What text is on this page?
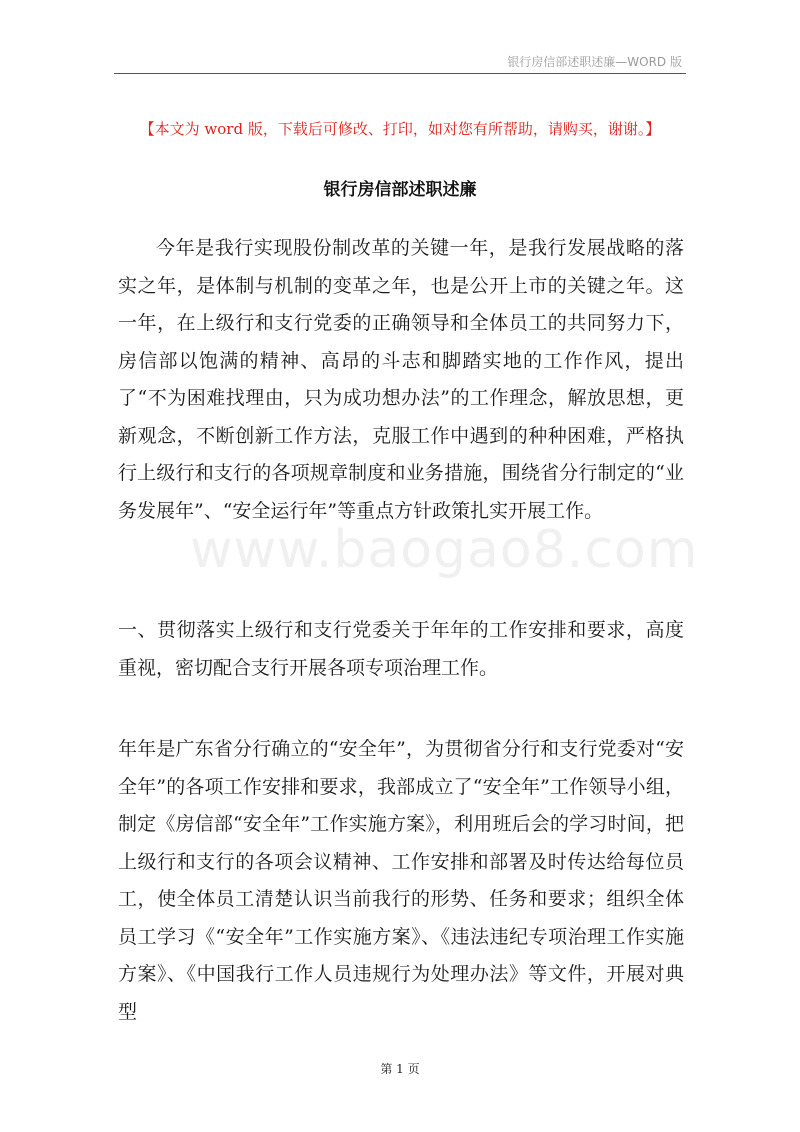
银行房信部述职述廉—WORD 版
【本文为 word 版，下载后可修改、打印，如对您有所帮助，请购买，谢谢。】
银行房信部述职述廉
www.baogao8.com

今年是我行实现股份制改革的关键一年，是我行发展战略的落实之年，是体制与机制的变革之年，也是公开上市的关键之年。这一年，在上级行和支行党委的正确领导和全体员工的共同努力下，房信部以饱满的精神、高昂的斗志和脚踏实地的工作作风，提出了“不为困难找理由，只为成功想办法”的工作理念，解放思想，更新观念，不断创新工作方法，克服工作中遇到的种种困难，严格执行上级行和支行的各项规章制度和业务措施，围绕省分行制定的“业务发展年”、“安全运行年”等重点方针政策扎实开展工作。

一、贯彻落实上级行和支行党委关于年年的工作安排和要求，高度重视，密切配合支行开展各项专项治理工作。

年年是广东省分行确立的“安全年”，为贯彻省分行和支行党委对“安全年”的各项工作安排和要求，我部成立了“安全年”工作领导小组，制定《房信部“安全年”工作实施方案》，利用班后会的学习时间，把上级行和支行的各项会议精神、工作安排和部署及时传达给每位员工，使全体员工清楚认识当前我行的形势、任务和要求；组织全体员工学习《“安全年”工作实施方案》、《违法违纪专项治理工作实施方案》、《中国我行工作人员违规行为处理办法》等文件，开展对典型

第 1 页
